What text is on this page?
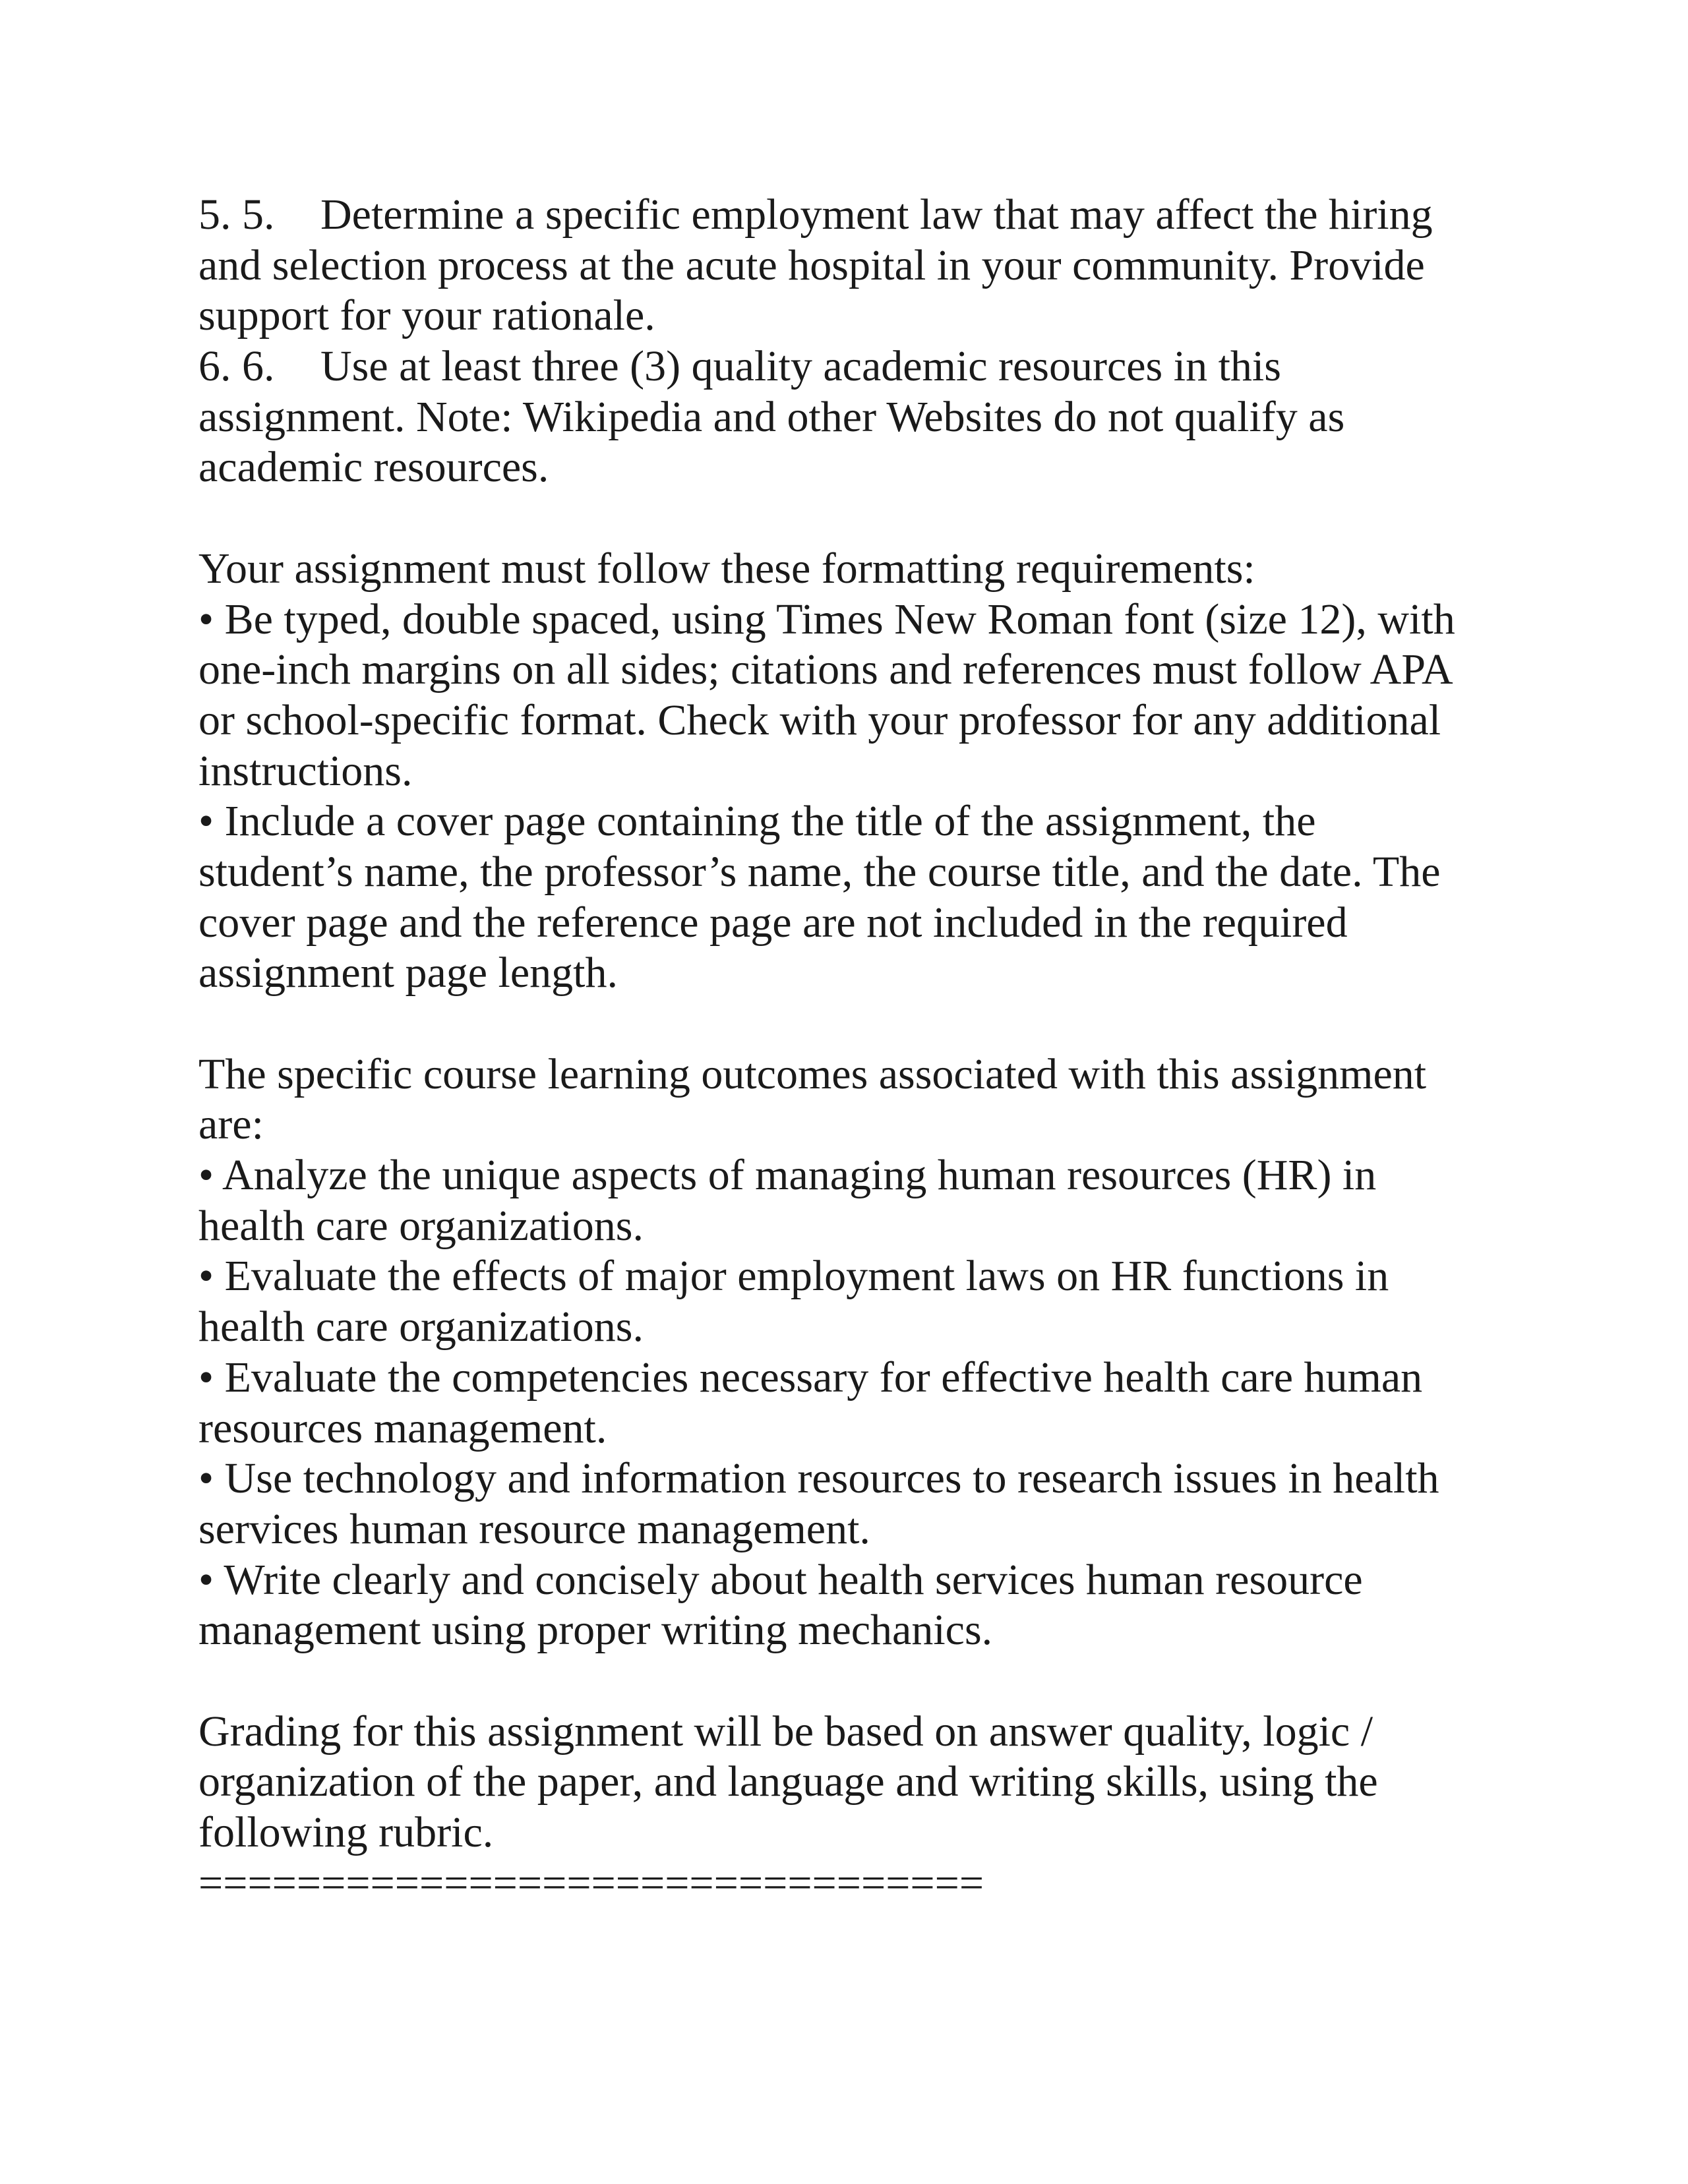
5. 5. Determine a specific employment law that may affect the hiring
and selection process at the acute hospital in your community. Provide
support for your rationale.
6. 6. Use at least three (3) quality academic resources in this
assignment. Note: Wikipedia and other Websites do not qualify as
academic resources.
Your assignment must follow these formatting requirements:
• Be typed, double spaced, using Times New Roman font (size 12), with
one-inch margins on all sides; citations and references must follow APA
or school-specific format. Check with your professor for any additional
instructions.
• Include a cover page containing the title of the assignment, the
student’s name, the professor’s name, the course title, and the date. The
cover page and the reference page are not included in the required
assignment page length.
The specific course learning outcomes associated with this assignment
are:
• Analyze the unique aspects of managing human resources (HR) in
health care organizations.
• Evaluate the effects of major employment laws on HR functions in
health care organizations.
• Evaluate the competencies necessary for effective health care human
resources management.
• Use technology and information resources to research issues in health
services human resource management.
• Write clearly and concisely about health services human resource
management using proper writing mechanics.
Grading for this assignment will be based on answer quality, logic /
organization of the paper, and language and writing skills, using the
following rubric.
================================
